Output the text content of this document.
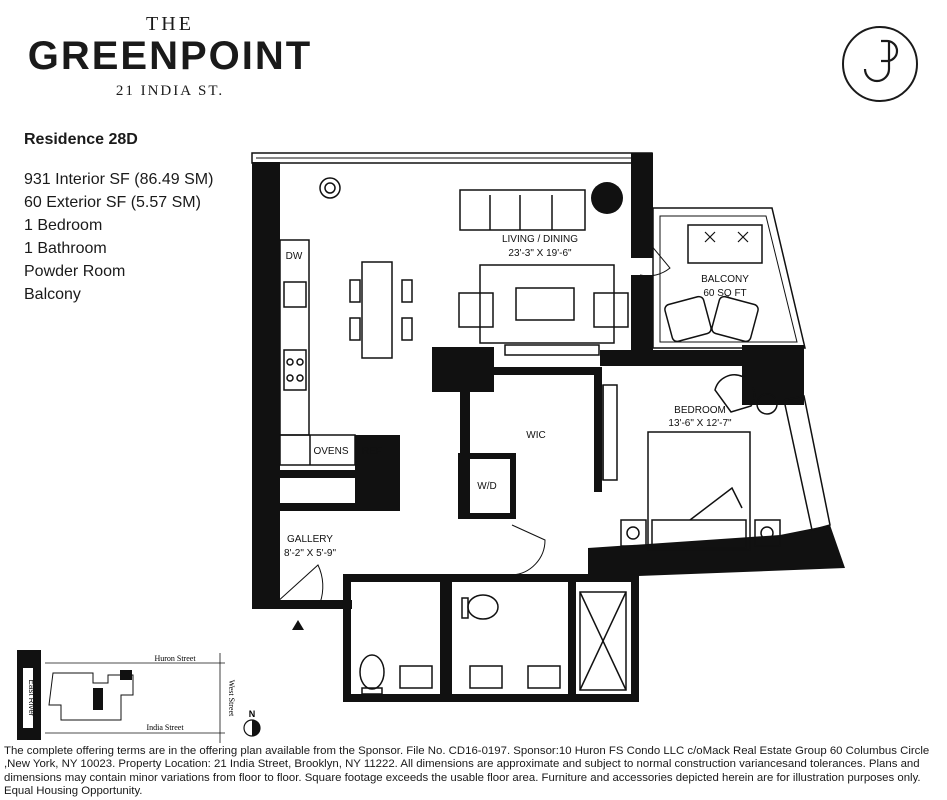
THE
GREENPOINT
21 INDIA ST.
Residence 28D
931 Interior SF (86.49 SM)
60 Exterior SF (5.57 SM)
1 Bedroom
1 Bathroom
Powder Room
Balcony
LIVING / DINING
23'-3" X 19'-6"
BALCONY
60 SQ FT
BEDROOM
13'-6" X 12'-7"
WIC
W/D
GALLERY
8'-2" X 5'-9"
DW
OVENS REF
East River
Huron Street
India Street
West Street N
The complete offering terms are in the offering plan available from the Sponsor. File No. CD16-0197. Sponsor:10 Huron FS Condo LLC c/oMack Real Estate Group 60 Columbus Circle ,New York, NY 10023. Property Location: 21 India Street, Brooklyn, NY 11222. All dimensions are approximate and subject to normal construction variancesand tolerances. Plans and dimensions may contain minor variations from floor to floor. Square footage exceeds the usable floor area. Furniture and accessories depicted herein are for illustration purposes only. Equal Housing Opportunity.
